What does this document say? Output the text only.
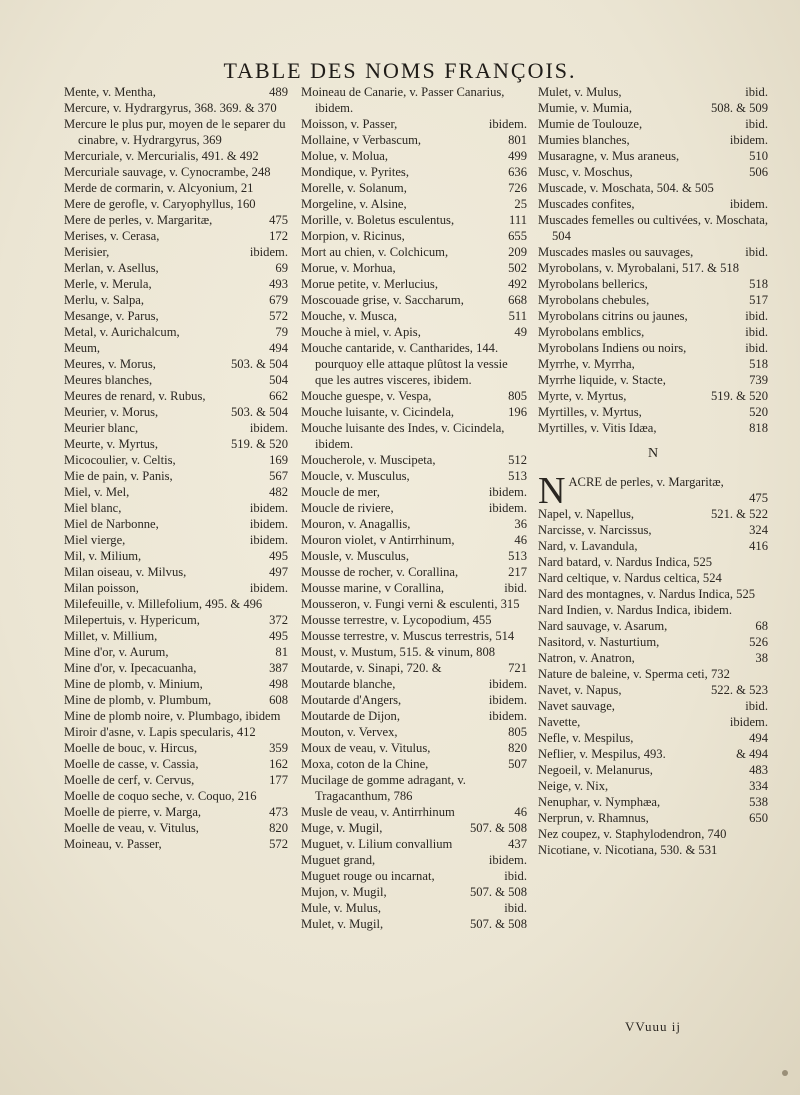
TABLE DES NOMS FRANÇOIS.
Mente, v. Mentha,	489
Mercure, v. Hydrargyrus, 368. 369. & 370
Mercure le plus pur, moyen de le separer du cinabre, v. Hydrargyrus, 369
Mercuriale, v. Mercurialis, 491. & 492
Mercuriale sauvage, v. Cynocrambe, 248
Merde de cormarin, v. Alcyonium, 21
Mere de gerofle, v. Caryophyllus, 160
Mere de perles, v. Margaritæ,	475
Merises, v. Cerasa,	172
Merisier,	ibidem.
Merlan, v. Asellus,	69
Merle, v. Merula,	493
Merlu, v. Salpa,	679
Mesange, v. Parus,	572
Metal, v. Aurichalcum,	79
Meum,	494
Meures, v. Morus,	503. & 504
Meures blanches,	504
Meures de renard, v. Rubus,	662
Meurier, v. Morus,	503. & 504
Meurier blanc,	ibidem.
Meurte, v. Myrtus,	519. & 520
Micocoulier, v. Celtis,	169
Mie de pain, v. Panis,	567
Miel, v. Mel,	482
Miel blanc,	ibidem.
Miel de Narbonne,	ibidem.
Miel vierge,	ibidem.
Mil, v. Milium,	495
Milan oiseau, v. Milvus,	497
Milan poisson,	ibidem.
Milefeuille, v. Millefolium, 495. & 496
Milepertuis, v. Hypericum,	372
Millet, v. Millium,	495
Mine d'or, v. Aurum,	81
Mine d'or, v. Ipecacuanha,	387
Mine de plomb, v. Minium,	498
Mine de plomb, v. Plumbum,	608
Mine de plomb noire, v. Plumbago, ibidem
Miroir d'asne, v. Lapis specularis, 412
Moelle de bouc, v. Hircus,	359
Moelle de casse, v. Cassia,	162
Moelle de cerf, v. Cervus,	177
Moelle de coquo seche, v. Coquo, 216
Moelle de pierre, v. Marga,	473
Moelle de veau, v. Vitulus,	820
Moineau, v. Passer,	572
Moineau de Canarie, v. Passer Canarius, ibidem.
Moisson, v. Passer,	ibidem.
Mollaine, v Verbascum,	801
Molue, v. Molua,	499
Mondique, v. Pyrites,	636
Morelle, v. Solanum,	726
Morgeline, v. Alsine,	25
Morille, v. Boletus esculentus,	111
Morpion, v. Ricinus,	655
Mort au chien, v. Colchicum,	209
Morue, v. Morhua,	502
Morue petite, v. Merlucius,	492
Moscouade grise, v. Saccharum,	668
Mouche, v. Musca,	511
Mouche à miel, v. Apis,	49
Mouche cantaride, v. Cantharides, 144. pourquoy elle attaque plûtost la vessie que les autres visceres, ibidem.
Mouche guespe, v. Vespa,	805
Mouche luisante, v. Cicindela,	196
Mouche luisante des Indes, v. Cicindela, ibidem.
Moucherole, v. Muscipeta,	512
Moucle, v. Musculus,	513
Moucle de mer,	ibidem.
Moucle de riviere,	ibidem.
Mouron, v. Anagallis,	36
Mouron violet, v Antirrhinum,	46
Mousle, v. Musculus,	513
Mousse de rocher, v. Corallina,	217
Mousse marine, v Corallina,	ibid.
Mousseron, v. Fungi verni & esculenti, 315
Mousse terrestre, v. Lycopodium, 455
Mousse terrestre, v. Muscus terrestris, 514
Moust, v. Mustum, 515. & vinum, 808
Moutarde, v. Sinapi, 720. &	721
Moutarde blanche,	ibidem.
Moutarde d'Angers,	ibidem.
Moutarde de Dijon,	ibidem.
Mouton, v. Vervex,	805
Moux de veau, v. Vitulus,	820
Moxa, coton de la Chine,	507
Mucilage de gomme adragant, v. Tragacanthum, 786
Musle de veau, v. Antirrhinum	46
Muge, v. Mugil,	507. & 508
Muguet, v. Lilium convallium	437
Muguet grand,	ibidem.
Muguet rouge ou incarnat,	ibid.
Mujon, v. Mugil,	507. & 508
Mule, v. Mulus,	ibid.
Mulet, v. Mugil,	507. & 508
Mulet, v. Mulus,	ibid.
Mumie, v. Mumia,	508. & 509
Mumie de Toulouze,	ibid.
Mumies blanches,	ibidem.
Musaragne, v. Mus araneus,	510
Musc, v. Moschus,	506
Muscade, v. Moschata, 504. & 505
Muscades confites,	ibidem.
Muscades femelles ou cultivées, v. Moschata, 504
Muscades masles ou sauvages,	ibid.
Myrobolans, v. Myrobalani, 517. & 518
Myrobolans bellerics,	518
Myrobolans chebules,	517
Myrobolans citrins ou jaunes,	ibid.
Myrobolans emblics,	ibid.
Myrobolans Indiens ou noirs,	ibid.
Myrrhe, v. Myrrha,	518
Myrrhe liquide, v. Stacte,	739
Myrte, v. Myrtus,	519. & 520
Myrtilles, v. Myrtus,	520
Myrtilles, v. Vitis Idæa,	818
N
N ACRE de perles, v. Margaritæ,
475
Napel, v. Napellus,	521. & 522
Narcisse, v. Narcissus,	324
Nard, v. Lavandula,	416
Nard batard, v. Nardus Indica, 525
Nard celtique, v. Nardus celtica, 524
Nard des montagnes, v. Nardus Indica, 525
Nard Indien, v. Nardus Indica, ibidem.
Nard sauvage, v. Asarum,	68
Nasitord, v. Nasturtium,	526
Natron, v. Anatron,	38
Nature de baleine, v. Sperma ceti, 732
Navet, v. Napus,	522. & 523
Navet sauvage,	ibid.
Navette,	ibidem.
Nefle, v. Mespilus,	494
Neflier, v. Mespilus, 493.	& 494
Negoeil, v. Melanurus,	483
Neige, v. Nix,	334
Nenuphar, v. Nymphæa,	538
Nerprun, v. Rhamnus,	650
Nez coupez, v. Staphylodendron, 740
Nicotiane, v. Nicotiana, 530. & 531
VVuuu ij
